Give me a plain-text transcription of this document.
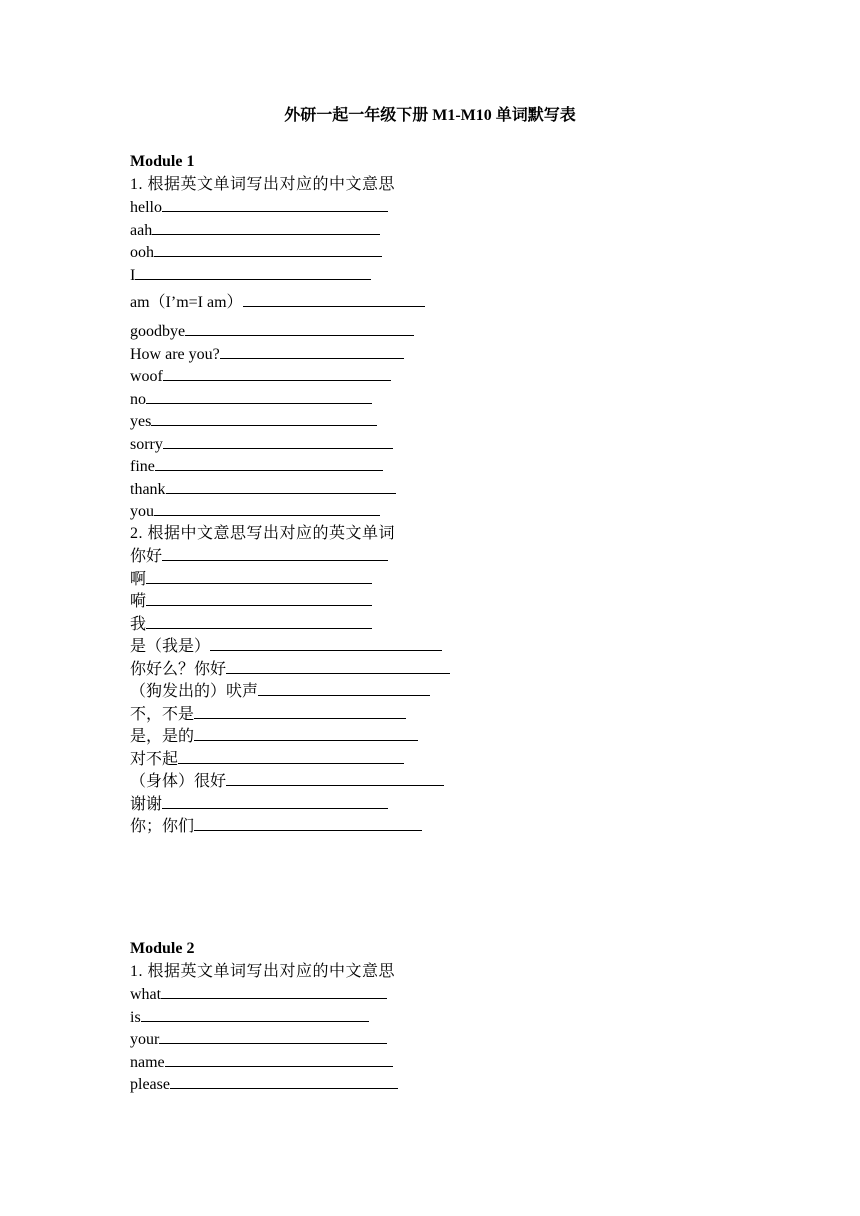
外研一起一年级下册 M1-M10 单词默写表
Module 1
1. 根据英文单词写出对应的中文意思
hello
aah
ooh
I
am（I’m=I am）
goodbye
How are you?
woof
no
yes
sorry
fine
thank
you
2. 根据中文意思写出对应的英文单词
你好
啊
嗬
我
是（我是）
你好么？你好
（狗发出的）吠声
不，不是
是，是的
对不起
（身体）很好
谢谢
你；你们
Module 2
1. 根据英文单词写出对应的中文意思
what
is
your
name
please
